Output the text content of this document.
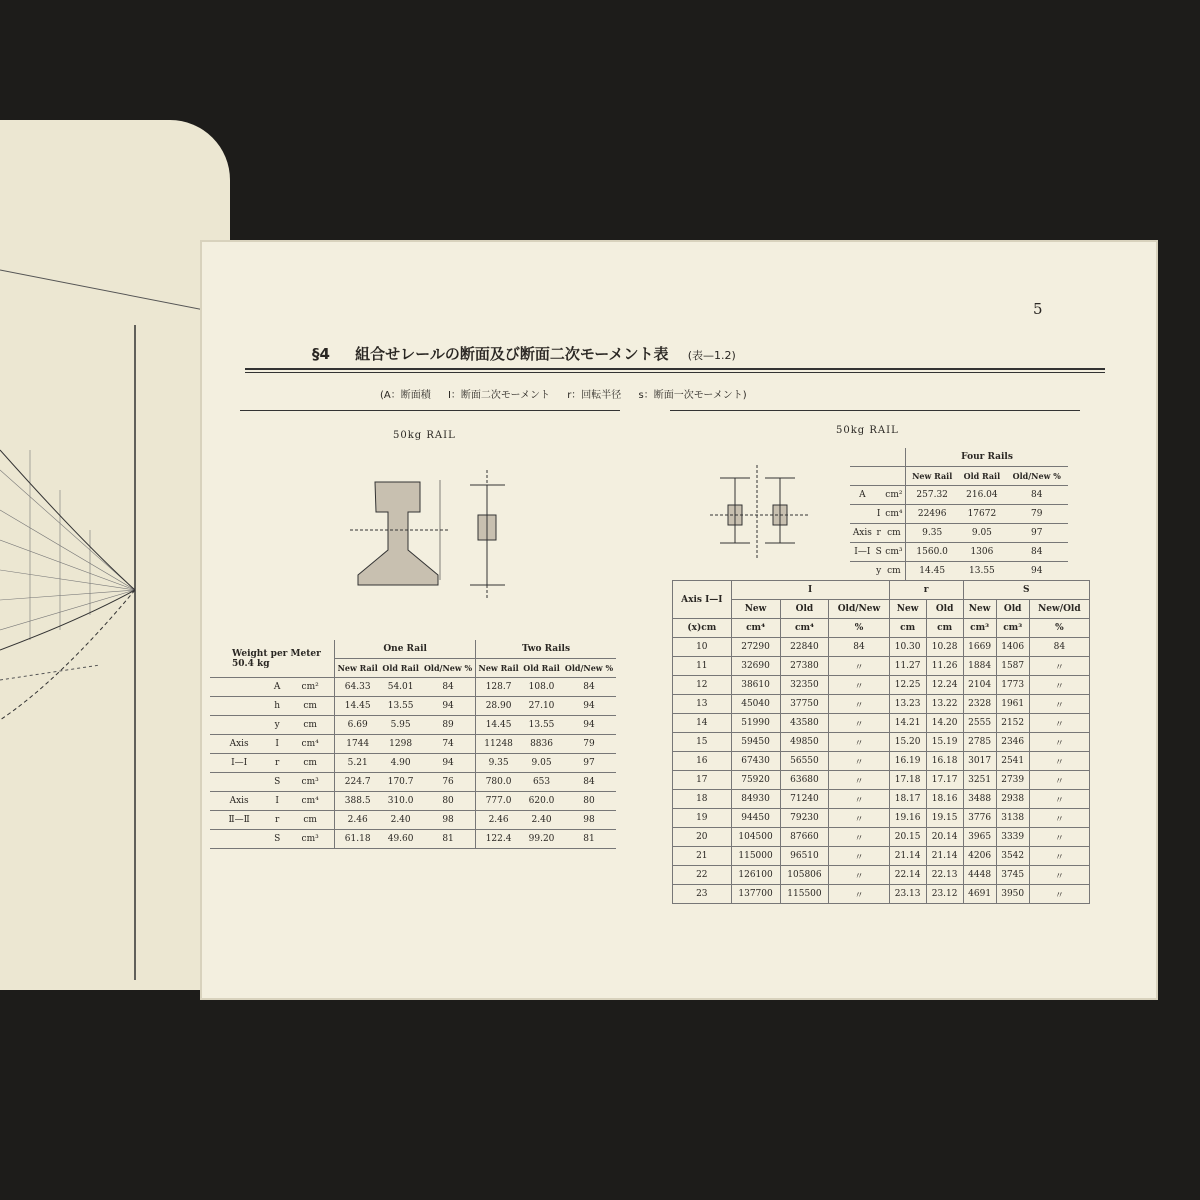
5
§4 組合せレールの断面及び断面二次モーメント表 (表—1.2)
(A：断面積 I：断面二次モーメント r：回転半径 s：断面一次モーメント)
50kg RAIL	50kg RAIL
Weight per Meter
50.4 kg			One Rail			Two Rails		
			New Rail	Old Rail	Old/New %	New Rail	Old Rail	Old/New %
	A	cm²	64.33	54.01	84	128.7	108.0	84
	h	cm	14.45	13.55	94	28.90	27.10	94
	y	cm	6.69	5.95	89	14.45	13.55	94
Axis	I	cm⁴	1744	1298	74	11248	8836	79
I—I	r	cm	5.21	4.90	94	9.35	9.05	97
	S	cm³	224.7	170.7	76	780.0	653	84
Axis	I	cm⁴	388.5	310.0	80	777.0	620.0	80
Ⅱ—Ⅱ	r	cm	2.46	2.40	98	2.46	2.40	98
	S	cm³	61.18	49.60	81	122.4	99.20	81
			Four Rails		
			New Rail	Old Rail	Old/New %
A		cm²	257.32	216.04	84
	I	cm⁴	22496	17672	79
Axis	r	cm	9.35	9.05	97
I—I	S	cm³	1560.0	1306	84
	y	cm	14.45	13.55	94
Axis I—I	I			r		S		
	New	Old	Old/New	New	Old	New	Old	New/Old
(x)cm	cm⁴	cm⁴	%	cm	cm	cm³	cm³	%
10	27290	22840	84	10.30	10.28	1669	1406	84
11	32690	27380	〃	11.27	11.26	1884	1587	〃
12	38610	32350	〃	12.25	12.24	2104	1773	〃
13	45040	37750	〃	13.23	13.22	2328	1961	〃
14	51990	43580	〃	14.21	14.20	2555	2152	〃
15	59450	49850	〃	15.20	15.19	2785	2346	〃
16	67430	56550	〃	16.19	16.18	3017	2541	〃
17	75920	63680	〃	17.18	17.17	3251	2739	〃
18	84930	71240	〃	18.17	18.16	3488	2938	〃
19	94450	79230	〃	19.16	19.15	3776	3138	〃
20	104500	87660	〃	20.15	20.14	3965	3339	〃
21	115000	96510	〃	21.14	21.14	4206	3542	〃
22	126100	105806	〃	22.14	22.13	4448	3745	〃
23	137700	115500	〃	23.13	23.12	4691	3950	〃
